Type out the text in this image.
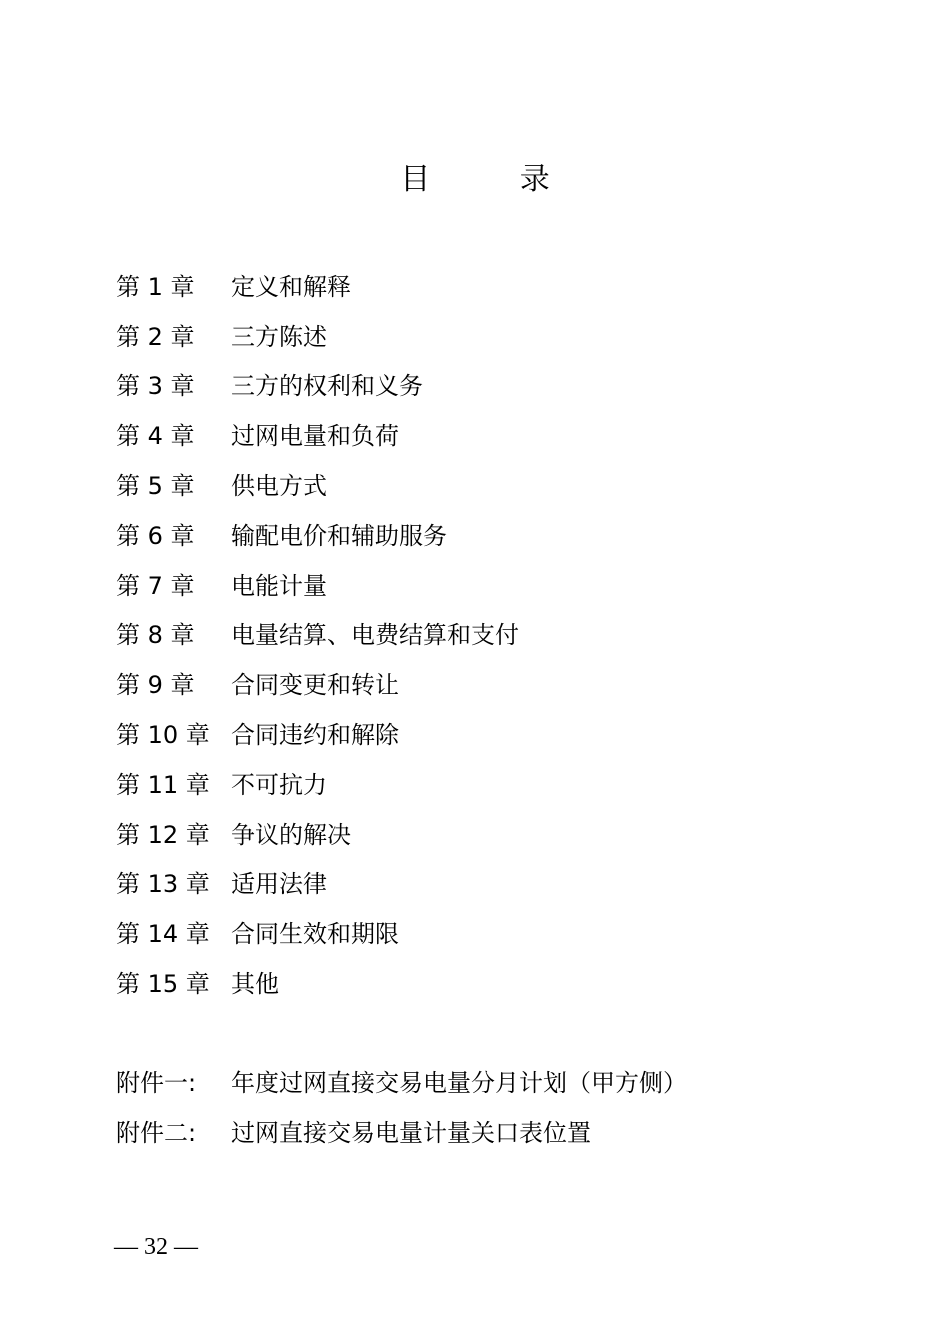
目 录
第 1 章	定义和解释
第 2 章	三方陈述
第 3 章	三方的权利和义务
第 4 章	过网电量和负荷
第 5 章	供电方式
第 6 章	输配电价和辅助服务
第 7 章	电能计量
第 8 章	电量结算、电费结算和支付
第 9 章	合同变更和转让
第 10 章 合同违约和解除
第 11 章 不可抗力
第 12 章 争议的解决
第 13 章 适用法律
第 14 章 合同生效和期限
第 15 章 其他
附件一:	年度过网直接交易电量分月计划（甲方侧）
附件二:	过网直接交易电量计量关口表位置
— 32 —
